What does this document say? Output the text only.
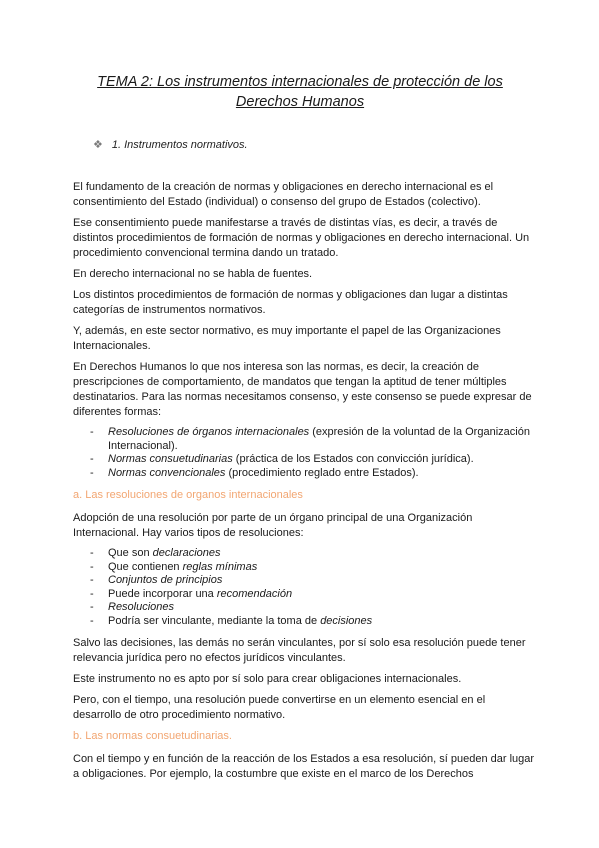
TEMA 2: Los instrumentos internacionales de protección de los
Derechos Humanos
❖ 1. Instrumentos normativos.

El fundamento de la creación de normas y obligaciones en derecho internacional es el consentimiento del Estado (individual) o consenso del grupo de Estados (colectivo).

Ese consentimiento puede manifestarse a través de distintas vías, es decir, a través de distintos procedimientos de formación de normas y obligaciones en derecho internacional. Un procedimiento convencional termina dando un tratado.

En derecho internacional no se habla de fuentes.

Los distintos procedimientos de formación de normas y obligaciones dan lugar a distintas categorías de instrumentos normativos.

Y, además, en este sector normativo, es muy importante el papel de las Organizaciones Internacionales.

En Derechos Humanos lo que nos interesa son las normas, es decir, la creación de prescripciones de comportamiento, de mandatos que tengan la aptitud de tener múltiples destinatarios. Para las normas necesitamos consenso, y este consenso se puede expresar de diferentes formas:

- Resoluciones de órganos internacionales (expresión de la voluntad de la Organización Internacional).
- Normas consuetudinarias (práctica de los Estados con convicción jurídica).
- Normas convencionales (procedimiento reglado entre Estados).
a. Las resoluciones de organos internacionales

Adopción de una resolución por parte de un órgano principal de una Organización Internacional. Hay varios tipos de resoluciones:

- Que son declaraciones
- Que contienen reglas mínimas
- Conjuntos de principios
- Puede incorporar una recomendación
- Resoluciones
- Podría ser vinculante, mediante la toma de decisiones

Salvo las decisiones, las demás no serán vinculantes, por sí solo esa resolución puede tener relevancia jurídica pero no efectos jurídicos vinculantes.

Este instrumento no es apto por sí solo para crear obligaciones internacionales.

Pero, con el tiempo, una resolución puede convertirse en un elemento esencial en el desarrollo de otro procedimiento normativo.

b. Las normas consuetudinarias.

Con el tiempo y en función de la reacción de los Estados a esa resolución, sí pueden dar lugar a obligaciones. Por ejemplo, la costumbre que existe en el marco de los Derechos
